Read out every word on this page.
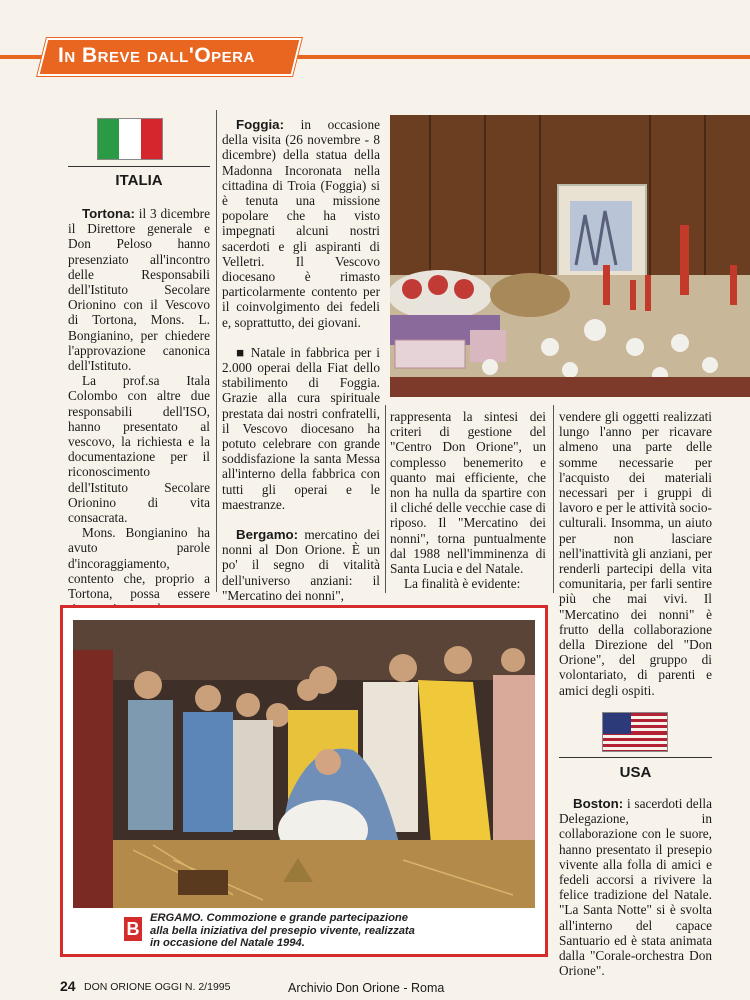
In Breve dall'Opera
ITALIA

Tortona: il 3 dicembre il Direttore generale e Don Peloso hanno presenziato all'incontro delle Responsabili dell'Istituto Secolare Orionino con il Vescovo di Tortona, Mons. L. Bongianino, per chiedere l'approvazione canonica dell'Istituto.

La prof.sa Itala Colombo con altre due responsabili dell'ISO, hanno presentato al vescovo, la richiesta e la documentazione per il riconoscimento dell'Istituto Secolare Orionino di vita consacrata.

Mons. Bongianino ha avuto parole d'incoraggiamento, contento che, proprio a Tortona, possa essere

Foggia: in occasione della visita (26 novembre - 8 dicembre) della statua della Madonna Incoronata nella cittadina di Troia (Foggia) si è tenuta una missione popolare che ha visto impegnati alcuni nostri sacerdoti e gli aspiranti di Velletri. Il Vescovo diocesano è rimasto particolarmente contento per il coinvolgimento dei fedeli e, soprattutto, dei giovani.

■ Natale in fabbrica per i 2.000 operai della Fiat dello stabilimento di Foggia. Grazie alla cura spirituale prestata dai nostri confratelli, il Vescovo diocesano ha potuto celebrare con grande soddisfazione la santa Messa all'interno della fabbrica con tutti gli operai e le maestranze.

Bergamo: mercatino dei nonni al Don Orione. È un po' il segno di vitalità dell'universo anziani: il "Mercatino dei nonni",

rappresenta la sintesi dei criteri di gestione del "Centro Don Orione", un complesso benemerito e quanto mai efficiente, che non ha nulla da spartire con il cliché delle vecchie case di riposo. Il "Mercatino dei nonni", torna puntualmente dal 1988 nell'imminenza di Santa Lucia e del Natale.

La finalità è evidente:

vendere gli oggetti realizzati lungo l'anno per ricavare almeno una parte delle somme necessarie per l'acquisto dei materiali necessari per i gruppi di lavoro e per le attività socio-culturali. Insomma, un aiuto per non lasciare nell'inattività gli anziani, per renderli partecipi della vita comunitaria, per farli sentire più che mai vivi. Il "Mercatino dei nonni" è frutto della collaborazione della Direzione del "Don Orione", del gruppo di volontariato, di parenti e amici degli ospiti.

USA

Boston: i sacerdoti della Delegazione, in collaborazione con le suore, hanno presentato il presepio vivente alla folla di amici e fedeli accorsi a rivivere la felice tradizione del Natale. "La Santa Notte" si è svolta all'interno del capace Santuario ed è stata animata dalla "Corale-orchestra Don Orione".

B
ERGAMO. Commozione e grande partecipazione alla bella iniziativa del presepio vivente, realizzata in occasione del Natale 1994.
24 DON ORIONE OGGI N. 2/1995	Archivio Don Orione - Roma
